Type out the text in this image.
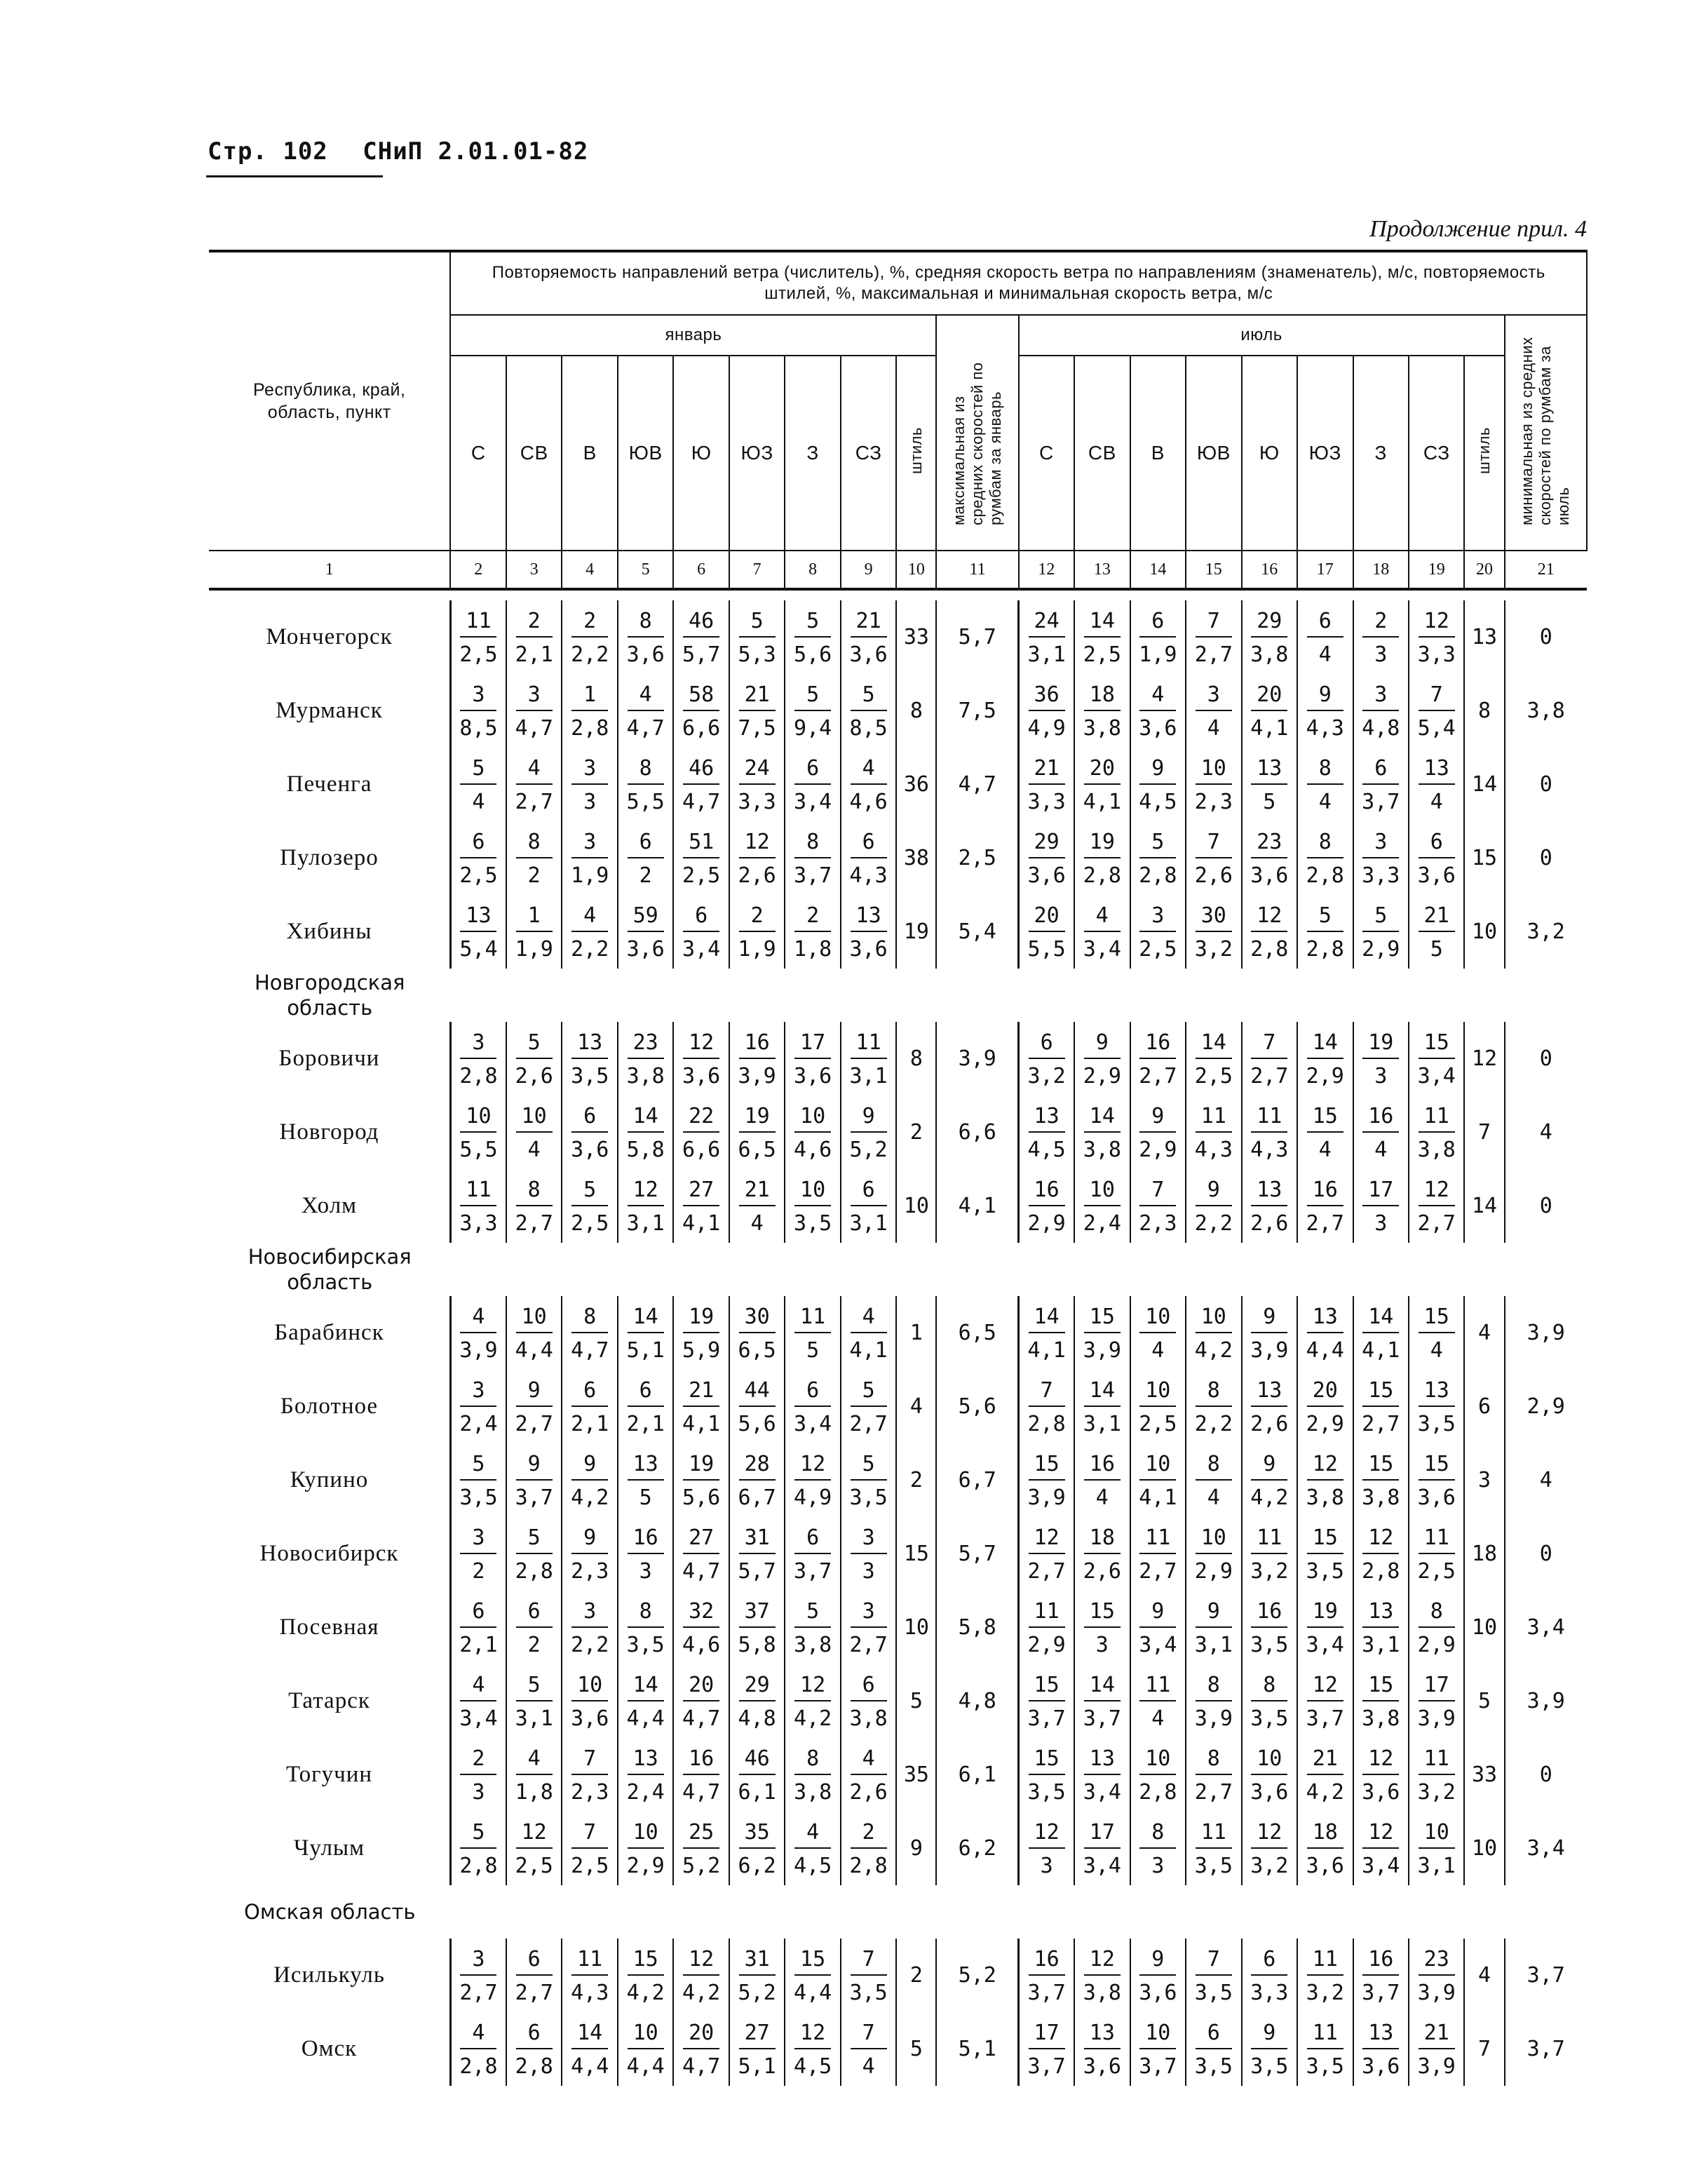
Стр. 102 СНиП 2.01.01-82
Продолжение прил. 4
Республика, край, область, пункт	Повторяемость направлений ветра (числитель), %, средняя скорость ветра по направлениям (знаменатель), м/с, повторяемость штилей, %, максимальная и минимальная скорость ветра, м/с																			
	январь									максимальная из средних скоростей по румбам за январь	июль									минимальная из средних скоростей по румбам за июль
	С	СВ	В	ЮВ	Ю	ЮЗ	З	СЗ	штиль		С	СВ	В	ЮВ	Ю	ЮЗ	З	СЗ	штиль	
1	2	3	4	5	6	7	8	9	10	11	12	13	14	15	16	17	18	19	20	21

Мончегорск	$\frac{11}{2,5}$	$\frac{2}{2,1}$	$\frac{2}{2,2}$	$\frac{8}{3,6}$	$\frac{46}{5,7}$	$\frac{5}{5,3}$	$\frac{5}{5,6}$	$\frac{21}{3,6}$	33	5,7	$\frac{24}{3,1}$	$\frac{14}{2,5}$	$\frac{6}{1,9}$	$\frac{7}{2,7}$	$\frac{29}{3,8}$	$\frac{6}{4}$	$\frac{2}{3}$	$\frac{12}{3,3}$	13	0
Мурманск	$\frac{3}{8,5}$	$\frac{3}{4,7}$	$\frac{1}{2,8}$	$\frac{4}{4,7}$	$\frac{58}{6,6}$	$\frac{21}{7,5}$	$\frac{5}{9,4}$	$\frac{5}{8,5}$	8	7,5	$\frac{36}{4,9}$	$\frac{18}{3,8}$	$\frac{4}{3,6}$	$\frac{3}{4}$	$\frac{20}{4,1}$	$\frac{9}{4,3}$	$\frac{3}{4,8}$	$\frac{7}{5,4}$	8	3,8
Печенга	$\frac{5}{4}$	$\frac{4}{2,7}$	$\frac{3}{3}$	$\frac{8}{5,5}$	$\frac{46}{4,7}$	$\frac{24}{3,3}$	$\frac{6}{3,4}$	$\frac{4}{4,6}$	36	4,7	$\frac{21}{3,3}$	$\frac{20}{4,1}$	$\frac{9}{4,5}$	$\frac{10}{2,3}$	$\frac{13}{5}$	$\frac{8}{4}$	$\frac{6}{3,7}$	$\frac{13}{4}$	14	0
Пулозеро	$\frac{6}{2,5}$	$\frac{8}{2}$	$\frac{3}{1,9}$	$\frac{6}{2}$	$\frac{51}{2,5}$	$\frac{12}{2,6}$	$\frac{8}{3,7}$	$\frac{6}{4,3}$	38	2,5	$\frac{29}{3,6}$	$\frac{19}{2,8}$	$\frac{5}{2,8}$	$\frac{7}{2,6}$	$\frac{23}{3,6}$	$\frac{8}{2,8}$	$\frac{3}{3,3}$	$\frac{6}{3,6}$	15	0
Хибины	$\frac{13}{5,4}$	$\frac{1}{1,9}$	$\frac{4}{2,2}$	$\frac{59}{3,6}$	$\frac{6}{3,4}$	$\frac{2}{1,9}$	$\frac{2}{1,8}$	$\frac{13}{3,6}$	19	5,4	$\frac{20}{5,5}$	$\frac{4}{3,4}$	$\frac{3}{2,5}$	$\frac{30}{3,2}$	$\frac{12}{2,8}$	$\frac{5}{2,8}$	$\frac{5}{2,9}$	$\frac{21}{5}$	10	3,2
Новгородская область																				
Боровичи	$\frac{3}{2,8}$	$\frac{5}{2,6}$	$\frac{13}{3,5}$	$\frac{23}{3,8}$	$\frac{12}{3,6}$	$\frac{16}{3,9}$	$\frac{17}{3,6}$	$\frac{11}{3,1}$	8	3,9	$\frac{6}{3,2}$	$\frac{9}{2,9}$	$\frac{16}{2,7}$	$\frac{14}{2,5}$	$\frac{7}{2,7}$	$\frac{14}{2,9}$	$\frac{19}{3}$	$\frac{15}{3,4}$	12	0
Новгород	$\frac{10}{5,5}$	$\frac{10}{4}$	$\frac{6}{3,6}$	$\frac{14}{5,8}$	$\frac{22}{6,6}$	$\frac{19}{6,5}$	$\frac{10}{4,6}$	$\frac{9}{5,2}$	2	6,6	$\frac{13}{4,5}$	$\frac{14}{3,8}$	$\frac{9}{2,9}$	$\frac{11}{4,3}$	$\frac{11}{4,3}$	$\frac{15}{4}$	$\frac{16}{4}$	$\frac{11}{3,8}$	7	4
Холм	$\frac{11}{3,3}$	$\frac{8}{2,7}$	$\frac{5}{2,5}$	$\frac{12}{3,1}$	$\frac{27}{4,1}$	$\frac{21}{4}$	$\frac{10}{3,5}$	$\frac{6}{3,1}$	10	4,1	$\frac{16}{2,9}$	$\frac{10}{2,4}$	$\frac{7}{2,3}$	$\frac{9}{2,2}$	$\frac{13}{2,6}$	$\frac{16}{2,7}$	$\frac{17}{3}$	$\frac{12}{2,7}$	14	0
Новосибирская область																				
Барабинск	$\frac{4}{3,9}$	$\frac{10}{4,4}$	$\frac{8}{4,7}$	$\frac{14}{5,1}$	$\frac{19}{5,9}$	$\frac{30}{6,5}$	$\frac{11}{5}$	$\frac{4}{4,1}$	1	6,5	$\frac{14}{4,1}$	$\frac{15}{3,9}$	$\frac{10}{4}$	$\frac{10}{4,2}$	$\frac{9}{3,9}$	$\frac{13}{4,4}$	$\frac{14}{4,1}$	$\frac{15}{4}$	4	3,9
Болотное	$\frac{3}{2,4}$	$\frac{9}{2,7}$	$\frac{6}{2,1}$	$\frac{6}{2,1}$	$\frac{21}{4,1}$	$\frac{44}{5,6}$	$\frac{6}{3,4}$	$\frac{5}{2,7}$	4	5,6	$\frac{7}{2,8}$	$\frac{14}{3,1}$	$\frac{10}{2,5}$	$\frac{8}{2,2}$	$\frac{13}{2,6}$	$\frac{20}{2,9}$	$\frac{15}{2,7}$	$\frac{13}{3,5}$	6	2,9
Купино	$\frac{5}{3,5}$	$\frac{9}{3,7}$	$\frac{9}{4,2}$	$\frac{13}{5}$	$\frac{19}{5,6}$	$\frac{28}{6,7}$	$\frac{12}{4,9}$	$\frac{5}{3,5}$	2	6,7	$\frac{15}{3,9}$	$\frac{16}{4}$	$\frac{10}{4,1}$	$\frac{8}{4}$	$\frac{9}{4,2}$	$\frac{12}{3,8}$	$\frac{15}{3,8}$	$\frac{15}{3,6}$	3	4
Новосибирск	$\frac{3}{2}$	$\frac{5}{2,8}$	$\frac{9}{2,3}$	$\frac{16}{3}$	$\frac{27}{4,7}$	$\frac{31}{5,7}$	$\frac{6}{3,7}$	$\frac{3}{3}$	15	5,7	$\frac{12}{2,7}$	$\frac{18}{2,6}$	$\frac{11}{2,7}$	$\frac{10}{2,9}$	$\frac{11}{3,2}$	$\frac{15}{3,5}$	$\frac{12}{2,8}$	$\frac{11}{2,5}$	18	0
Посевная	$\frac{6}{2,1}$	$\frac{6}{2}$	$\frac{3}{2,2}$	$\frac{8}{3,5}$	$\frac{32}{4,6}$	$\frac{37}{5,8}$	$\frac{5}{3,8}$	$\frac{3}{2,7}$	10	5,8	$\frac{11}{2,9}$	$\frac{15}{3}$	$\frac{9}{3,4}$	$\frac{9}{3,1}$	$\frac{16}{3,5}$	$\frac{19}{3,4}$	$\frac{13}{3,1}$	$\frac{8}{2,9}$	10	3,4
Татарск	$\frac{4}{3,4}$	$\frac{5}{3,1}$	$\frac{10}{3,6}$	$\frac{14}{4,4}$	$\frac{20}{4,7}$	$\frac{29}{4,8}$	$\frac{12}{4,2}$	$\frac{6}{3,8}$	5	4,8	$\frac{15}{3,7}$	$\frac{14}{3,7}$	$\frac{11}{4}$	$\frac{8}{3,9}$	$\frac{8}{3,5}$	$\frac{12}{3,7}$	$\frac{15}{3,8}$	$\frac{17}{3,9}$	5	3,9
Тогучин	$\frac{2}{3}$	$\frac{4}{1,8}$	$\frac{7}{2,3}$	$\frac{13}{2,4}$	$\frac{16}{4,7}$	$\frac{46}{6,1}$	$\frac{8}{3,8}$	$\frac{4}{2,6}$	35	6,1	$\frac{15}{3,5}$	$\frac{13}{3,4}$	$\frac{10}{2,8}$	$\frac{8}{2,7}$	$\frac{10}{3,6}$	$\frac{21}{4,2}$	$\frac{12}{3,6}$	$\frac{11}{3,2}$	33	0
Чулым	$\frac{5}{2,8}$	$\frac{12}{2,5}$	$\frac{7}{2,5}$	$\frac{10}{2,9}$	$\frac{25}{5,2}$	$\frac{35}{6,2}$	$\frac{4}{4,5}$	$\frac{2}{2,8}$	9	6,2	$\frac{12}{3}$	$\frac{17}{3,4}$	$\frac{8}{3}$	$\frac{11}{3,5}$	$\frac{12}{3,2}$	$\frac{18}{3,6}$	$\frac{12}{3,4}$	$\frac{10}{3,1}$	10	3,4
Омская область																				
Исилькуль	$\frac{3}{2,7}$	$\frac{6}{2,7}$	$\frac{11}{4,3}$	$\frac{15}{4,2}$	$\frac{12}{4,2}$	$\frac{31}{5,2}$	$\frac{15}{4,4}$	$\frac{7}{3,5}$	2	5,2	$\frac{16}{3,7}$	$\frac{12}{3,8}$	$\frac{9}{3,6}$	$\frac{7}{3,5}$	$\frac{6}{3,3}$	$\frac{11}{3,2}$	$\frac{16}{3,7}$	$\frac{23}{3,9}$	4	3,7
Омск	$\frac{4}{2,8}$	$\frac{6}{2,8}$	$\frac{14}{4,4}$	$\frac{10}{4,4}$	$\frac{20}{4,7}$	$\frac{27}{5,1}$	$\frac{12}{4,5}$	$\frac{7}{4}$	5	5,1	$\frac{17}{3,7}$	$\frac{13}{3,6}$	$\frac{10}{3,7}$	$\frac{6}{3,5}$	$\frac{9}{3,5}$	$\frac{11}{3,5}$	$\frac{13}{3,6}$	$\frac{21}{3,9}$	7	3,7
